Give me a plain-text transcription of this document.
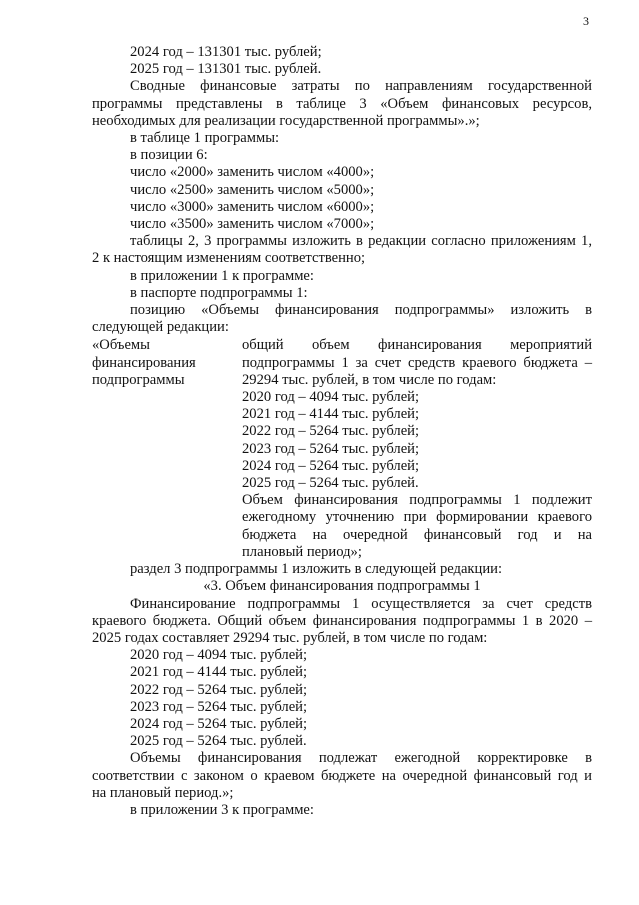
3
2024 год – 131301 тыс. рублей;
2025 год – 131301 тыс. рублей.
Сводные финансовые затраты по направлениям государственной
программы представлены в таблице 3 «Объем финансовых ресурсов,
необходимых для реализации государственной программы».»;
в таблице 1 программы:
в позиции 6:
число «2000» заменить числом «4000»;
число «2500» заменить числом «5000»;
число «3000» заменить числом «6000»;
число «3500» заменить числом «7000»;
таблицы 2, 3 программы изложить в редакции согласно приложениям 1,
2 к настоящим изменениям соответственно;
в приложении 1 к программе:
в паспорте подпрограммы 1:
позицию «Объемы финансирования подпрограммы» изложить в
следующей редакции:
«Объемы
финансирования
подпрограммы
общий объем финансирования мероприятий
подпрограммы 1 за счет средств краевого бюджета –
29294 тыс. рублей, в том числе по годам:
2020 год – 4094 тыс. рублей;
2021 год – 4144 тыс. рублей;
2022 год – 5264 тыс. рублей;
2023 год – 5264 тыс. рублей;
2024 год – 5264 тыс. рублей;
2025 год – 5264 тыс. рублей.
Объем финансирования подпрограммы 1 подлежит
ежегодному уточнению при формировании краевого
бюджета на очередной финансовый год и на
плановый период»;
раздел 3 подпрограммы 1 изложить в следующей редакции:
«3. Объем финансирования подпрограммы 1
Финансирование подпрограммы 1 осуществляется за счет средств
краевого бюджета. Общий объем финансирования подпрограммы 1 в 2020 –
2025 годах составляет 29294 тыс. рублей, в том числе по годам:
2020 год – 4094 тыс. рублей;
2021 год – 4144 тыс. рублей;
2022 год – 5264 тыс. рублей;
2023 год – 5264 тыс. рублей;
2024 год – 5264 тыс. рублей;
2025 год – 5264 тыс. рублей.
Объемы финансирования подлежат ежегодной корректировке в
соответствии с законом о краевом бюджете на очередной финансовый год и
на плановый период.»;
в приложении 3 к программе:
